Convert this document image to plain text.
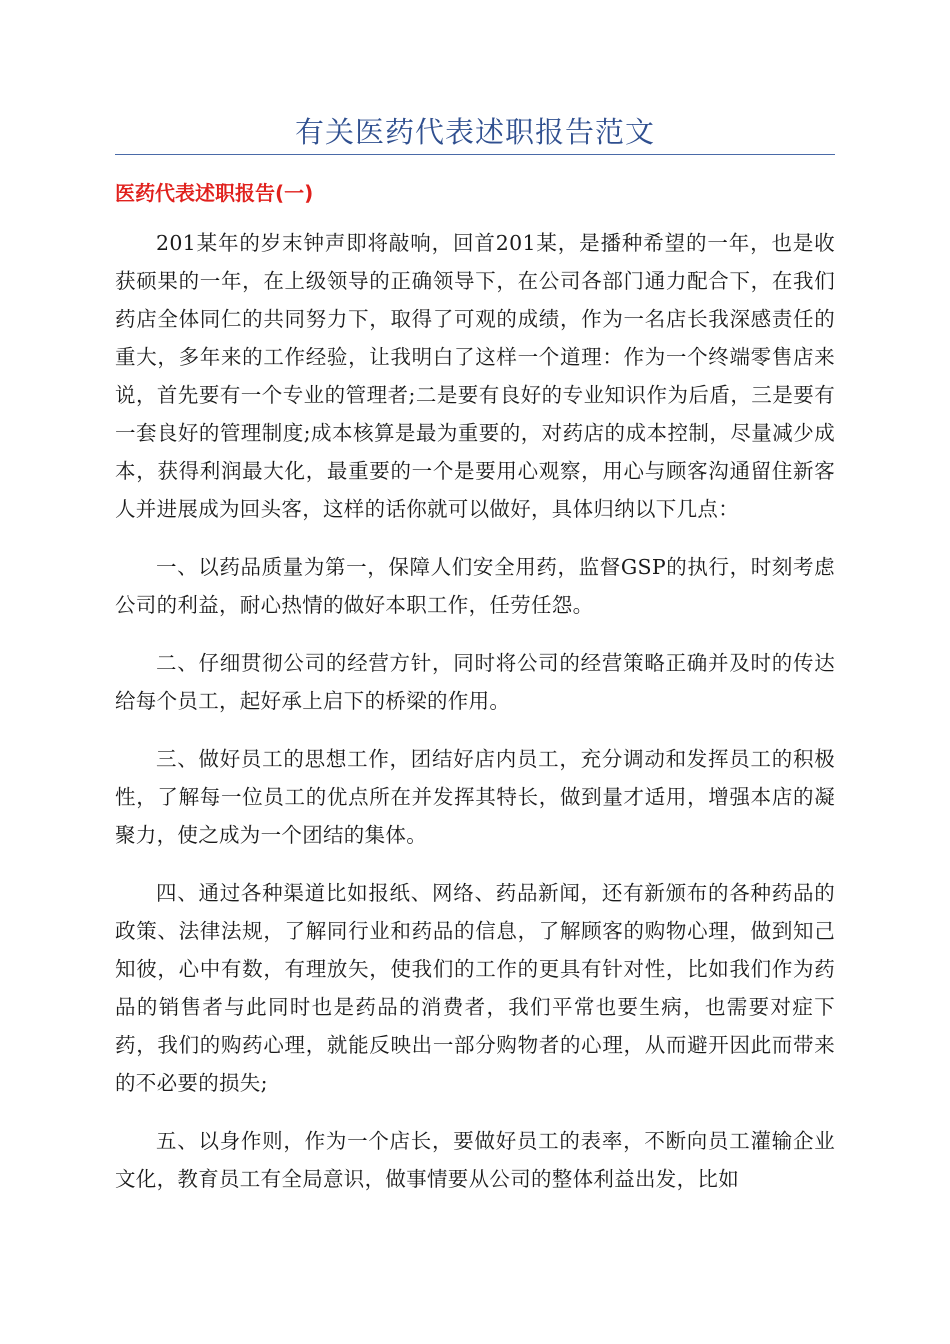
有关医药代表述职报告范文
医药代表述职报告(一)

201某年的岁末钟声即将敲响，回首201某，是播种希望的一年，也是收获硕果的一年，在上级领导的正确领导下，在公司各部门通力配合下，在我们药店全体同仁的共同努力下，取得了可观的成绩，作为一名店长我深感责任的重大，多年来的工作经验，让我明白了这样一个道理：作为一个终端零售店来说，首先要有一个专业的管理者;二是要有良好的专业知识作为后盾，三是要有一套良好的管理制度;成本核算是最为重要的，对药店的成本控制，尽量减少成本，获得利润最大化，最重要的一个是要用心观察，用心与顾客沟通留住新客人并进展成为回头客，这样的话你就可以做好，具体归纳以下几点：

一、以药品质量为第一，保障人们安全用药，监督GSP的执行，时刻考虑公司的利益，耐心热情的做好本职工作，任劳任怨。

二、仔细贯彻公司的经营方针，同时将公司的经营策略正确并及时的传达给每个员工，起好承上启下的桥梁的作用。

三、做好员工的思想工作，团结好店内员工，充分调动和发挥员工的积极性，了解每一位员工的优点所在并发挥其特长，做到量才适用，增强本店的凝聚力，使之成为一个团结的集体。

四、通过各种渠道比如报纸、网络、药品新闻，还有新颁布的各种药品的政策、法律法规，了解同行业和药品的信息，了解顾客的购物心理，做到知己知彼，心中有数，有理放矢，使我们的工作的更具有针对性，比如我们作为药品的销售者与此同时也是药品的消费者，我们平常也要生病，也需要对症下药，我们的购药心理，就能反映出一部分购物者的心理，从而避开因此而带来的不必要的损失;

五、以身作则，作为一个店长，要做好员工的表率，不断向员工灌输企业文化，教育员工有全局意识，做事情要从公司的整体利益出发，比如
